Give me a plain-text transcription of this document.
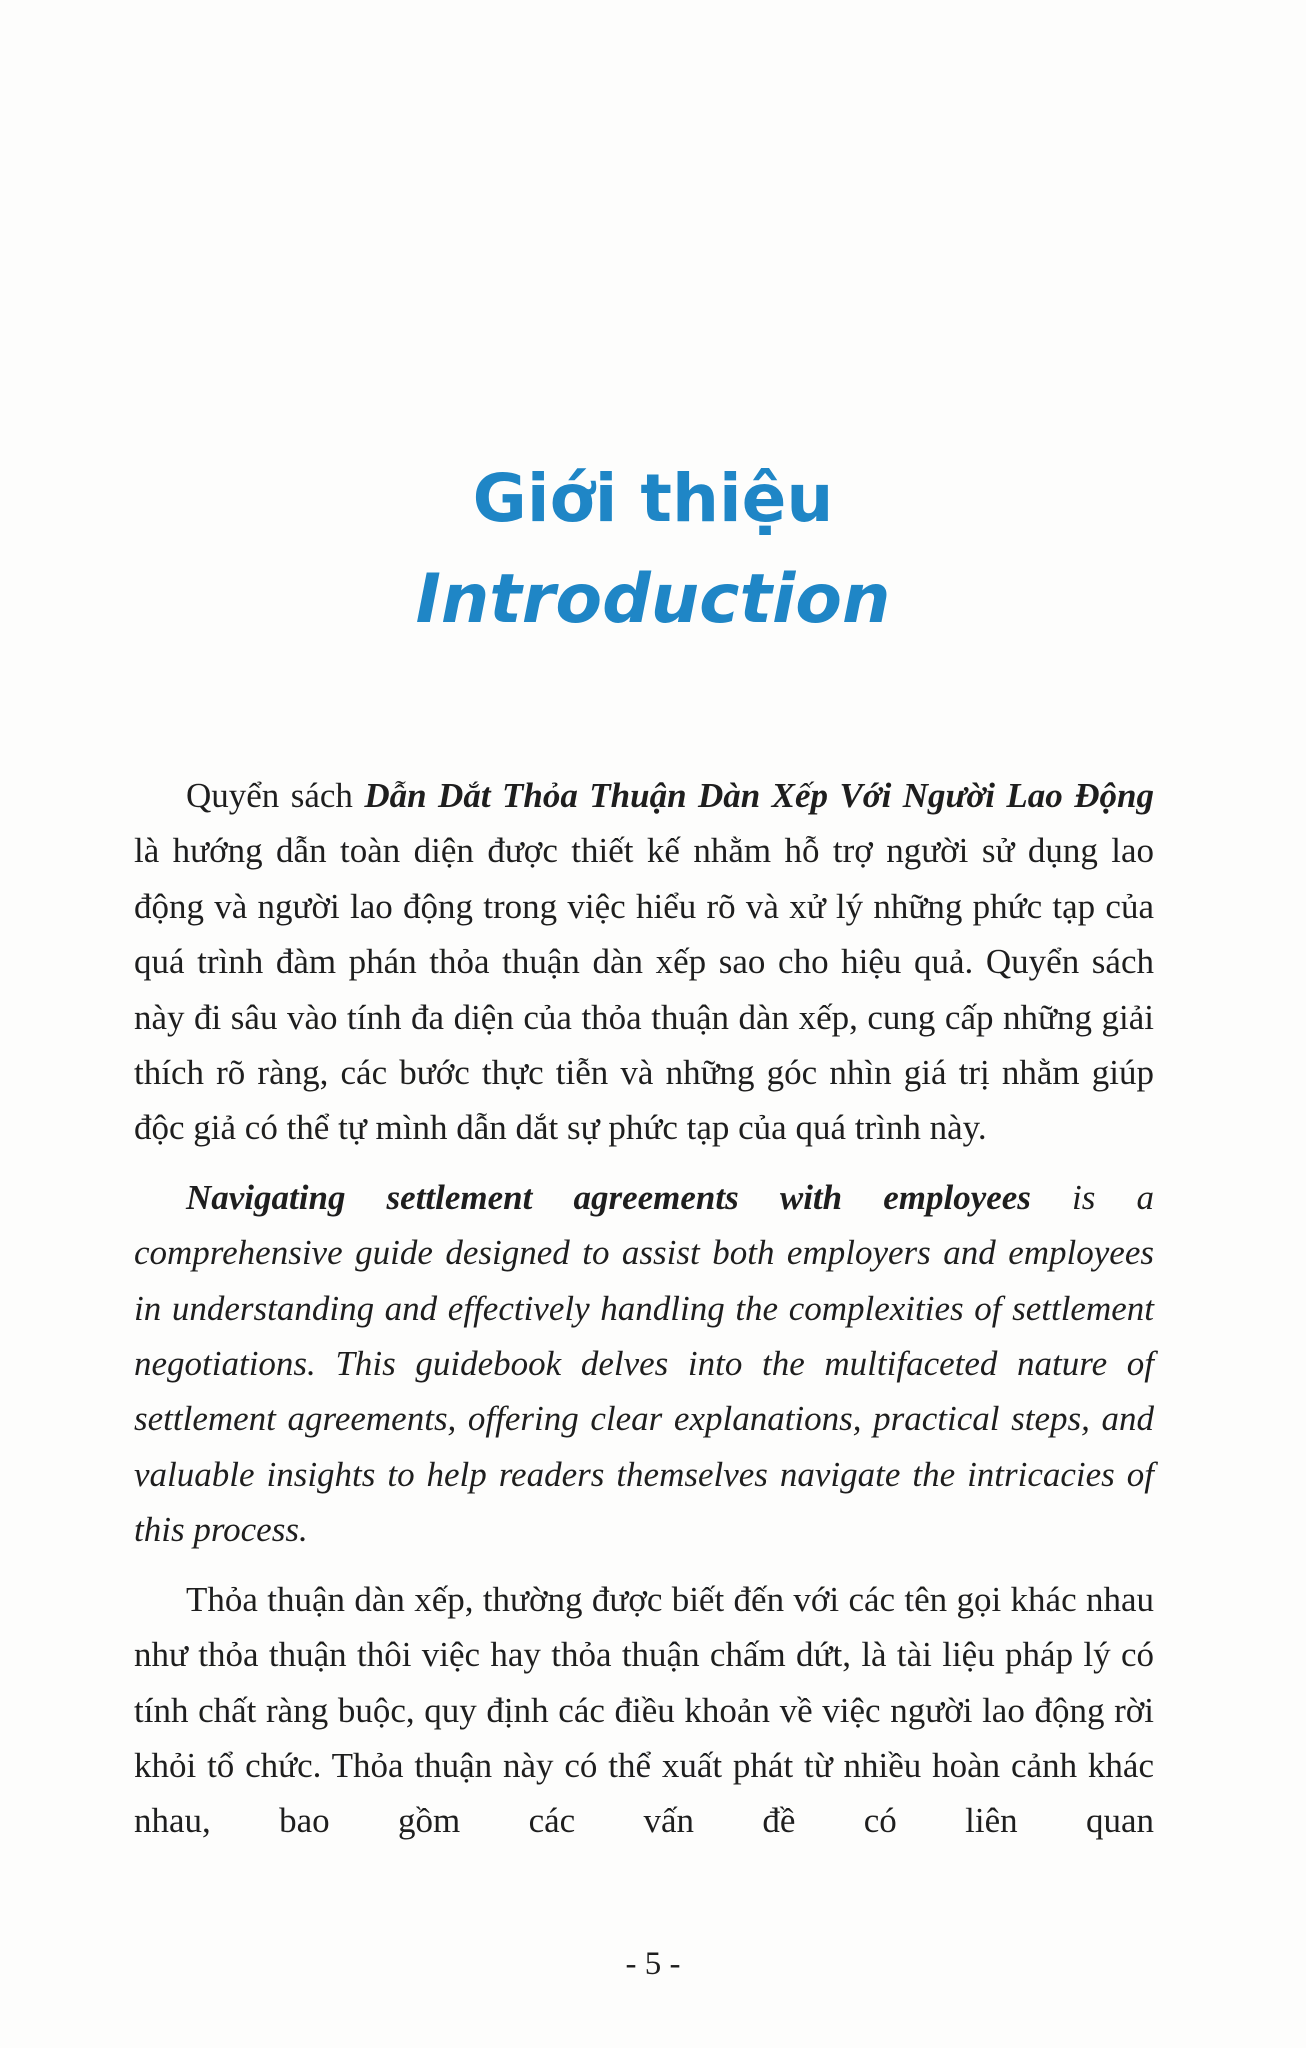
Giới thiệu
Introduction

Quyển sách Dẫn Dắt Thỏa Thuận Dàn Xếp Với Người Lao Động là hướng dẫn toàn diện được thiết kế nhằm hỗ trợ người sử dụng lao động và người lao động trong việc hiểu rõ và xử lý những phức tạp của quá trình đàm phán thỏa thuận dàn xếp sao cho hiệu quả. Quyển sách này đi sâu vào tính đa diện của thỏa thuận dàn xếp, cung cấp những giải thích rõ ràng, các bước thực tiễn và những góc nhìn giá trị nhằm giúp độc giả có thể tự mình dẫn dắt sự phức tạp của quá trình này.

Navigating settlement agreements with employees is a comprehensive guide designed to assist both employers and employees in understanding and effectively handling the complexities of settlement negotiations. This guidebook delves into the multifaceted nature of settlement agreements, offering clear explanations, practical steps, and valuable insights to help readers themselves navigate the intricacies of this process.

Thỏa thuận dàn xếp, thường được biết đến với các tên gọi khác nhau như thỏa thuận thôi việc hay thỏa thuận chấm dứt, là tài liệu pháp lý có tính chất ràng buộc, quy định các điều khoản về việc người lao động rời khỏi tổ chức. Thỏa thuận này có thể xuất phát từ nhiều hoàn cảnh khác nhau, bao gồm các vấn đề có liên quan

- 5 -
